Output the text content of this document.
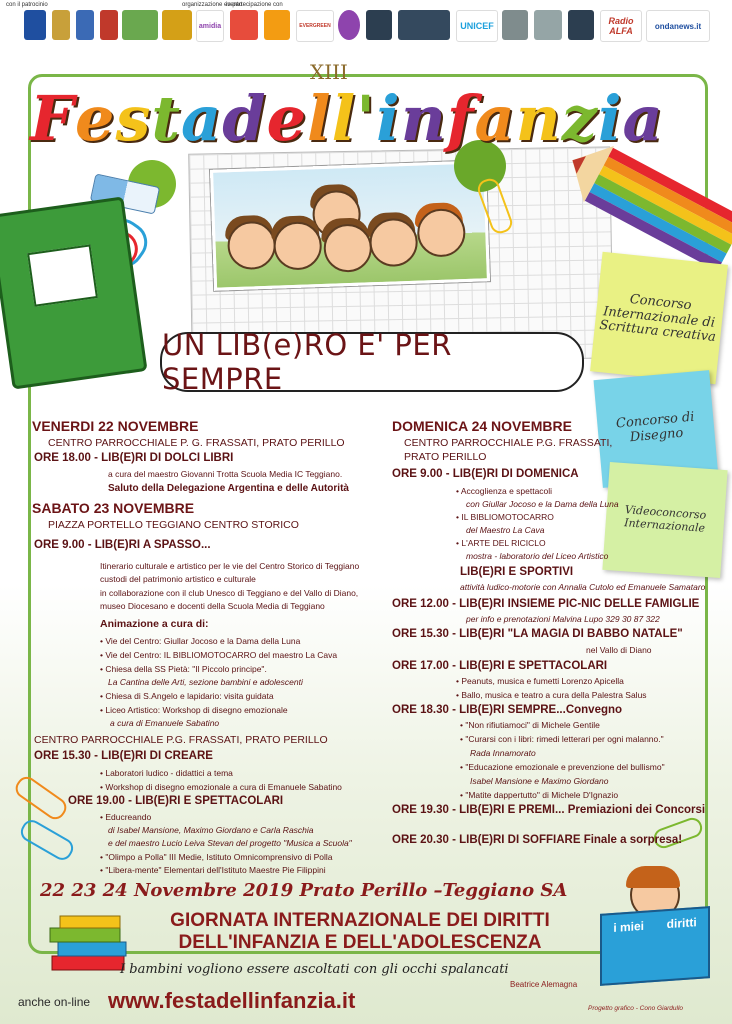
con il patrocinio	organizzazione evento
in partecipazione con
amidia	EVERGREEN	UNICEF	Radio ALFA	ondanews.it
XIII
Festadell'infanzia
UN LIB(e)RO E' PER SEMPRE
Concorso Internazionale di Scrittura creativa
Concorso di Disegno
Videoconcorso Internazionale
VENERDI 22 NOVEMBRE
CENTRO PARROCCHIALE P. G. FRASSATI, PRATO PERILLO
ORE 18.00 - LIB(E)RI DI DOLCI LIBRI
a cura del maestro Giovanni Trotta Scuola Media IC Teggiano.
Saluto della Delegazione Argentina e delle Autorità
SABATO 23 NOVEMBRE
PIAZZA PORTELLO TEGGIANO CENTRO STORICO
ORE 9.00 - LIB(E)RI A SPASSO...
Itinerario culturale e artistico per le vie del Centro Storico di Teggiano
custodi del patrimonio artistico e culturale
in collaborazione con il club Unesco di Teggiano e del Vallo di Diano,
museo Diocesano e docenti della Scuola Media di Teggiano
Animazione a cura di:
• Vie del Centro: Giullar Jocoso e la Dama della Luna
• Vie del Centro: IL BIBLIOMOTOCARRO del maestro La Cava
• Chiesa della SS Pietà: "Il Piccolo principe".
La Cantina delle Arti, sezione bambini e adolescenti
• Chiesa di S.Angelo e lapidario: visita guidata
• Liceo Artistico: Workshop di disegno emozionale
a cura di Emanuele Sabatino
CENTRO PARROCCHIALE P.G. FRASSATI, PRATO PERILLO
ORE 15.30 - LIB(E)RI DI CREARE
• Laboratori ludico - didattici a tema
• Workshop di disegno emozionale a cura di Emanuele Sabatino
ORE 19.00 - LIB(E)RI E SPETTACOLARI
• Educreando
di Isabel Mansione, Maximo Giordano e Carla Raschia
e del maestro Lucio Leiva Stevan del progetto "Musica a Scuola"
• "Olimpo a Polla" III Medie, Istituto Omnicomprensivo di Polla
• "Libera-mente" Elementari dell'Istituto Maestre Pie Filippini
DOMENICA 24 NOVEMBRE
CENTRO PARROCCHIALE P.G. FRASSATI,
PRATO PERILLO
ORE 9.00 - LIB(E)RI DI DOMENICA
• Accoglienza e spettacoli
con Giullar Jocoso e la Dama della Luna
• IL BIBLIOMOTOCARRO
del Maestro La Cava
• L'ARTE DEL RICICLO
mostra - laboratorio del Liceo Artistico
LIB(E)RI E SPORTIVI
attività ludico-motorie con Annalia Cutolo ed Emanuele Samataro
ORE 12.00 - LIB(E)RI INSIEME PIC-NIC DELLE FAMIGLIE
per info e prenotazioni Malvina Lupo 329 30 87 322
ORE 15.30 - LIB(E)RI "LA MAGIA DI BABBO NATALE"
nel Vallo di Diano
ORE 17.00 - LIB(E)RI E SPETTACOLARI
• Peanuts, musica e fumetti Lorenzo Apicella
• Ballo, musica e teatro a cura della Palestra Salus
ORE 18.30 - LIB(E)RI SEMPRE...Convegno
• "Non rifiutiamoci" di Michele Gentile
• "Curarsi con i libri: rimedi letterari per ogni malanno."
Rada Innamorato
• "Educazione emozionale e prevenzione del bullismo"
Isabel Mansione e Maximo Giordano
• "Matite dappertutto" di Michele D'Ignazio
ORE 19.30 - LIB(E)RI E PREMI... Premiazioni dei Concorsi
ORE 20.30 - LIB(E)RI DI SOFFIARE Finale a sorpresa!
22 23 24 Novembre 2019 Prato Perillo –Teggiano SA
GIORNATA INTERNAZIONALE DEI DIRITTI
DELL'INFANZIA E DELL'ADOLESCENZA
I bambini vogliono essere ascoltati con gli occhi spalancati
Beatrice Alemagna
i miei diritti
anche on-line www.festadellinfanzia.it	Progetto grafico - Cono Giardullo
